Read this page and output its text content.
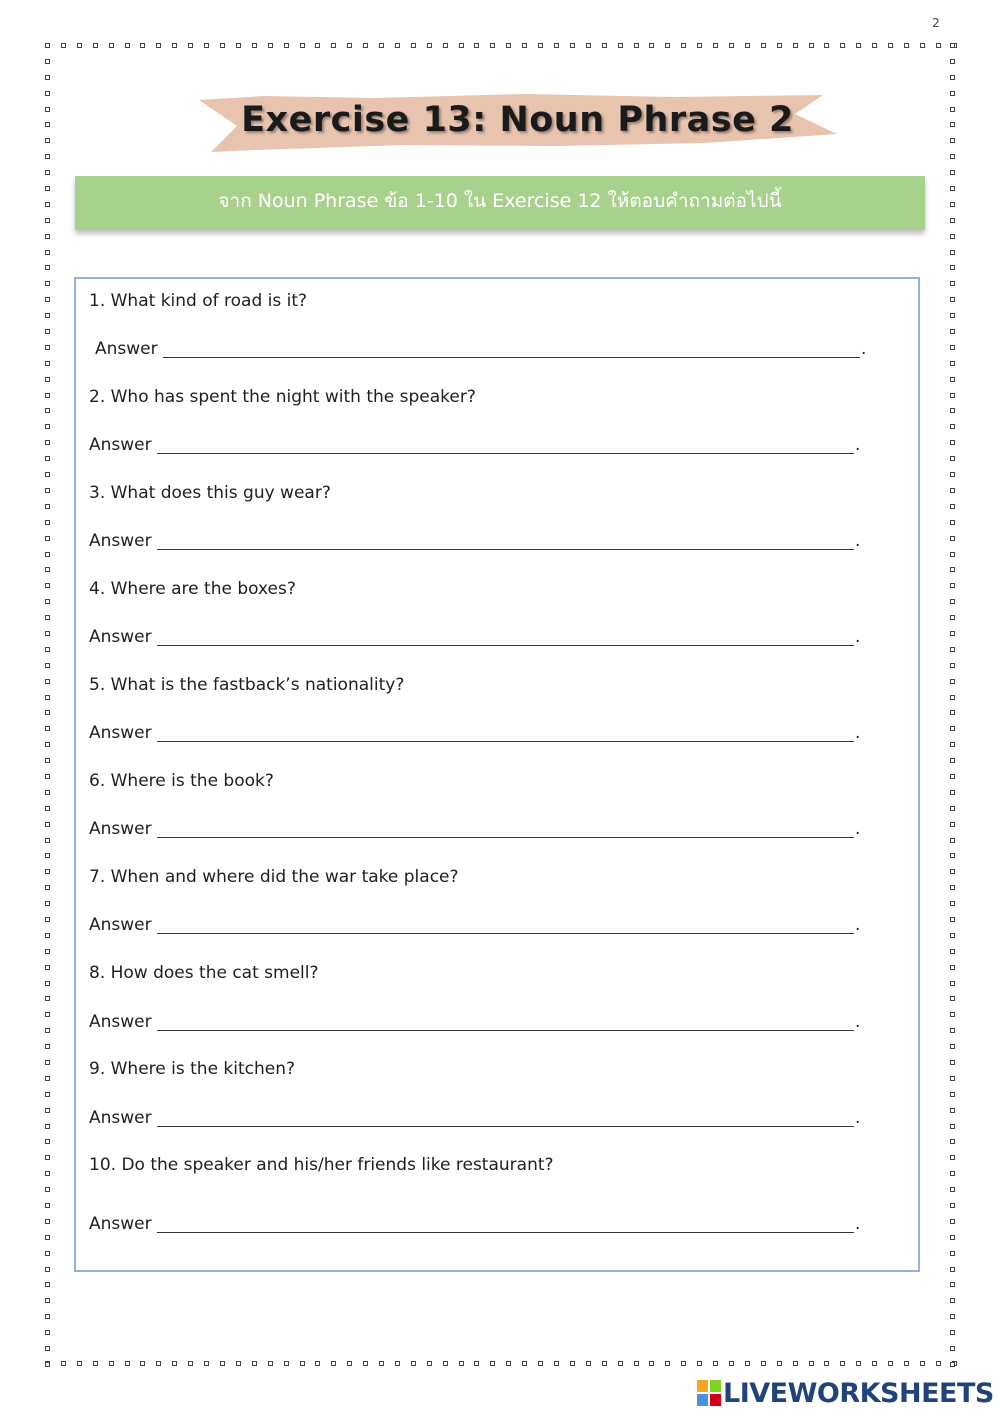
2
Exercise 13: Noun Phrase 2
จาก Noun Phrase ข้อ 1-10 ใน Exercise 12 ให้ตอบคำถามต่อไปนี้
1. What kind of road is it?
Answer	.
2. Who has spent the night with the speaker?
Answer	.
3. What does this guy wear?
Answer	.
4. Where are the boxes?
Answer	.
5. What is the fastback’s nationality?
Answer	.
6. Where is the book?
Answer	.
7. When and where did the war take place?
Answer	.
8. How does the cat smell?
Answer	.
9. Where is the kitchen?
Answer	.
10. Do the speaker and his/her friends like restaurant?
Answer	.
LIVEWORKSHEETS
